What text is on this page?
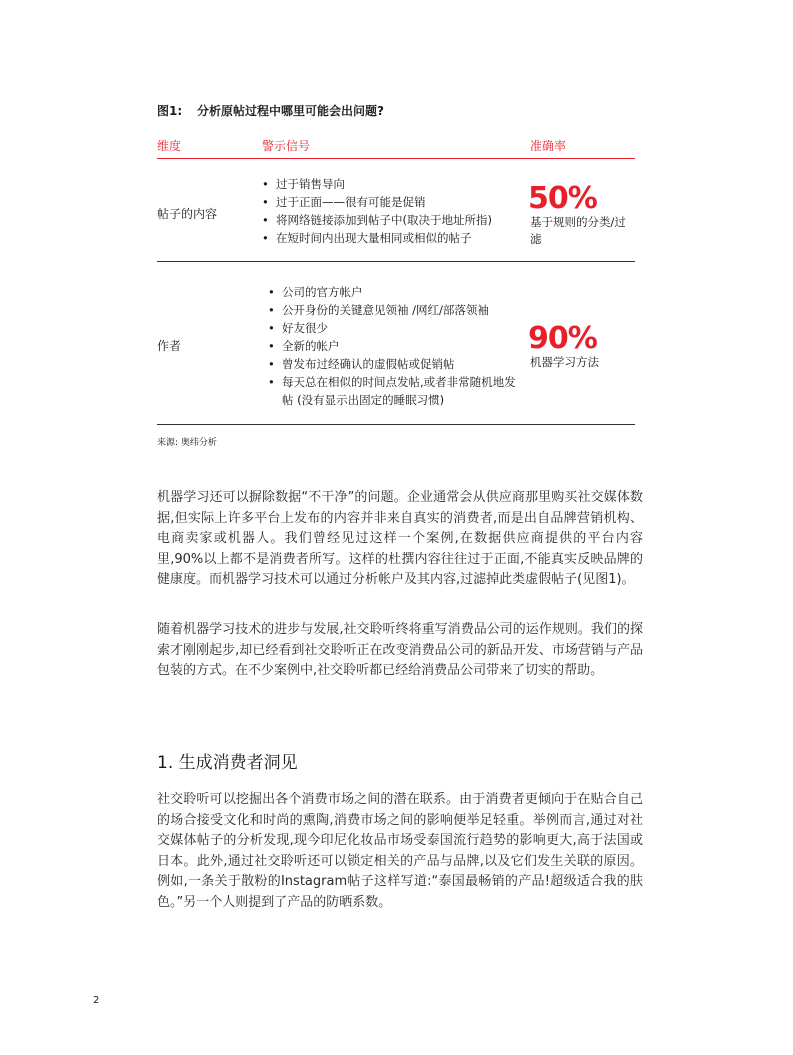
图1: 分析原帖过程中哪里可能会出问题?
维度	警示信号	准确率
帖子的内容
• 过于销售导向
• 过于正面——很有可能是促销
• 将网络链接添加到帖子中(取决于地址所指)
• 在短时间内出现大量相同或相似的帖子
50%
基于规则的分类/过滤
作者
• 公司的官方帐户
• 公开身份的关键意见领袖 /网红/部落领袖
• 好友很少
• 全新的帐户
• 曾发布过经确认的虚假帖或促销帖
• 每天总在相似的时间点发帖,或者非常随机地发帖 (没有显示出固定的睡眠习惯)
90%
机器学习方法
来源: 奥纬分析

机器学习还可以摒除数据“不干净”的问题。企业通常会从供应商那里购买社交媒体数据,但实际上许多平台上发布的内容并非来自真实的消费者,而是出自品牌营销机构、电商卖家或机器人。我们曾经见过这样一个案例,在数据供应商提供的平台内容里,90%以上都不是消费者所写。这样的杜撰内容往往过于正面,不能真实反映品牌的健康度。而机器学习技术可以通过分析帐户及其内容,过滤掉此类虚假帖子(见图1)。

随着机器学习技术的进步与发展,社交聆听终将重写消费品公司的运作规则。我们的探索才刚刚起步,却已经看到社交聆听正在改变消费品公司的新品开发、市场营销与产品包装的方式。在不少案例中,社交聆听都已经给消费品公司带来了切实的帮助。

1. 生成消费者洞见

社交聆听可以挖掘出各个消费市场之间的潜在联系。由于消费者更倾向于在贴合自己的场合接受文化和时尚的熏陶,消费市场之间的影响便举足轻重。举例而言,通过对社交媒体帖子的分析发现,现今印尼化妆品市场受泰国流行趋势的影响更大,高于法国或日本。此外,通过社交聆听还可以锁定相关的产品与品牌,以及它们发生关联的原因。例如,一条关于散粉的Instagram帖子这样写道:“泰国最畅销的产品!超级适合我的肤色。”另一个人则提到了产品的防晒系数。

2
